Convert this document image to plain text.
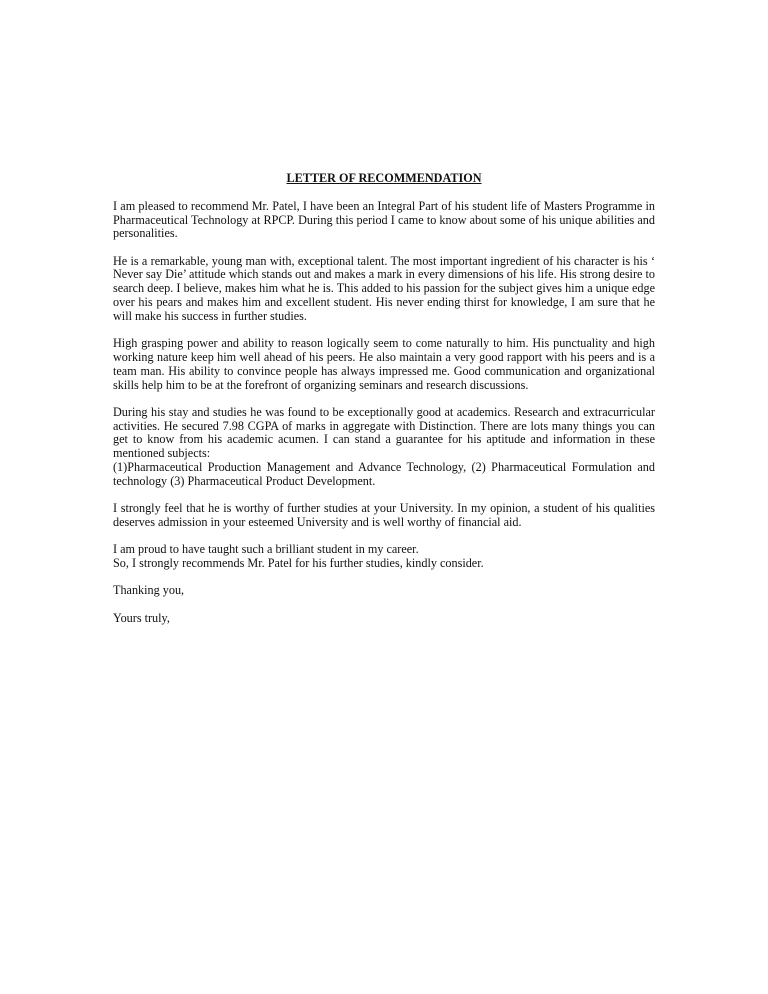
LETTER OF RECOMMENDATION

I am pleased to recommend Mr. Patel, I have been an Integral Part of his student life of Masters Programme in Pharmaceutical Technology at RPCP. During this period I came to know about some of his unique abilities and personalities.

He is a remarkable, young man with, exceptional talent. The most important ingredient of his character is his ‘ Never say Die’ attitude which stands out and makes a mark in every dimensions of his life. His strong desire to search deep. I believe, makes him what he is. This added to his passion for the subject gives him a unique edge over his pears and makes him and excellent student. His never ending thirst for knowledge, I am sure that he will make his success in further studies.

High grasping power and ability to reason logically seem to come naturally to him. His punctuality and high working nature keep him well ahead of his peers. He also maintain a very good rapport with his peers and is a team man. His ability to convince people has always impressed me. Good communication and organizational skills help him to be at the forefront of organizing seminars and research discussions.

During his stay and studies he was found to be exceptionally good at academics. Research and extracurricular activities. He secured 7.98 CGPA of marks in aggregate with Distinction. There are lots many things you can get to know from his academic acumen. I can stand a guarantee for his aptitude and information in these mentioned subjects:
(1)Pharmaceutical Production Management and Advance Technology, (2) Pharmaceutical Formulation and technology (3) Pharmaceutical Product Development.

I strongly feel that he is worthy of further studies at your University. In my opinion, a student of his qualities deserves admission in your esteemed University and is well worthy of financial aid.

I am proud to have taught such a brilliant student in my career.
So, I strongly recommends Mr. Patel for his further studies, kindly consider.
Thanking you,
Yours truly,
